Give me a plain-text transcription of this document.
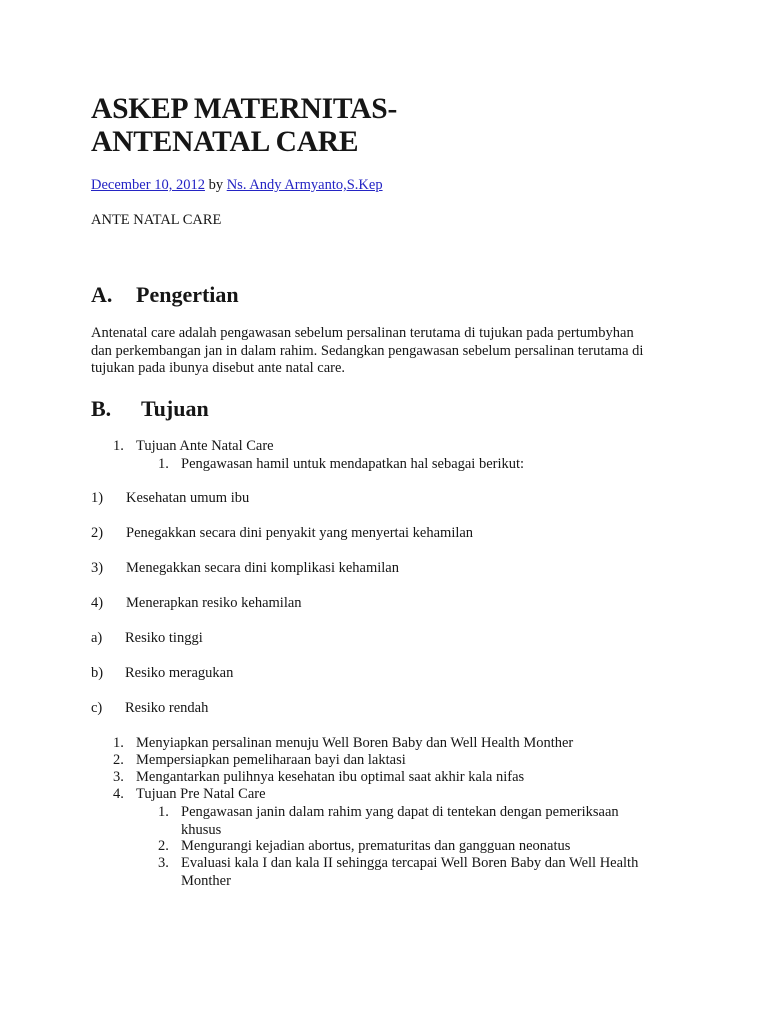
ASKEP MATERNITAS-
ANTENATAL CARE
December 10, 2012 by Ns. Andy Armyanto,S.Kep
ANTE NATAL CARE
A. Pengertian
Antenatal care adalah pengawasan sebelum persalinan terutama di tujukan pada pertumbyhan
dan perkembangan jan in dalam rahim. Sedangkan pengawasan sebelum persalinan terutama di
tujukan pada ibunya disebut ante natal care.
B. Tujuan
1. Tujuan Ante Natal Care
1. Pengawasan hamil untuk mendapatkan hal sebagai berikut:
1) Kesehatan umum ibu
2) Penegakkan secara dini penyakit yang menyertai kehamilan
3) Menegakkan secara dini komplikasi kehamilan
4) Menerapkan resiko kehamilan
a) Resiko tinggi
b) Resiko meragukan
c) Resiko rendah
1. Menyiapkan persalinan menuju Well Boren Baby dan Well Health Monther
2. Mempersiapkan pemeliharaan bayi dan laktasi
3. Mengantarkan pulihnya kesehatan ibu optimal saat akhir kala nifas
4. Tujuan Pre Natal Care
1. Pengawasan janin dalam rahim yang dapat di tentekan dengan pemeriksaan
khusus
2. Mengurangi kejadian abortus, prematuritas dan gangguan neonatus
3. Evaluasi kala I dan kala II sehingga tercapai Well Boren Baby dan Well Health
Monther
